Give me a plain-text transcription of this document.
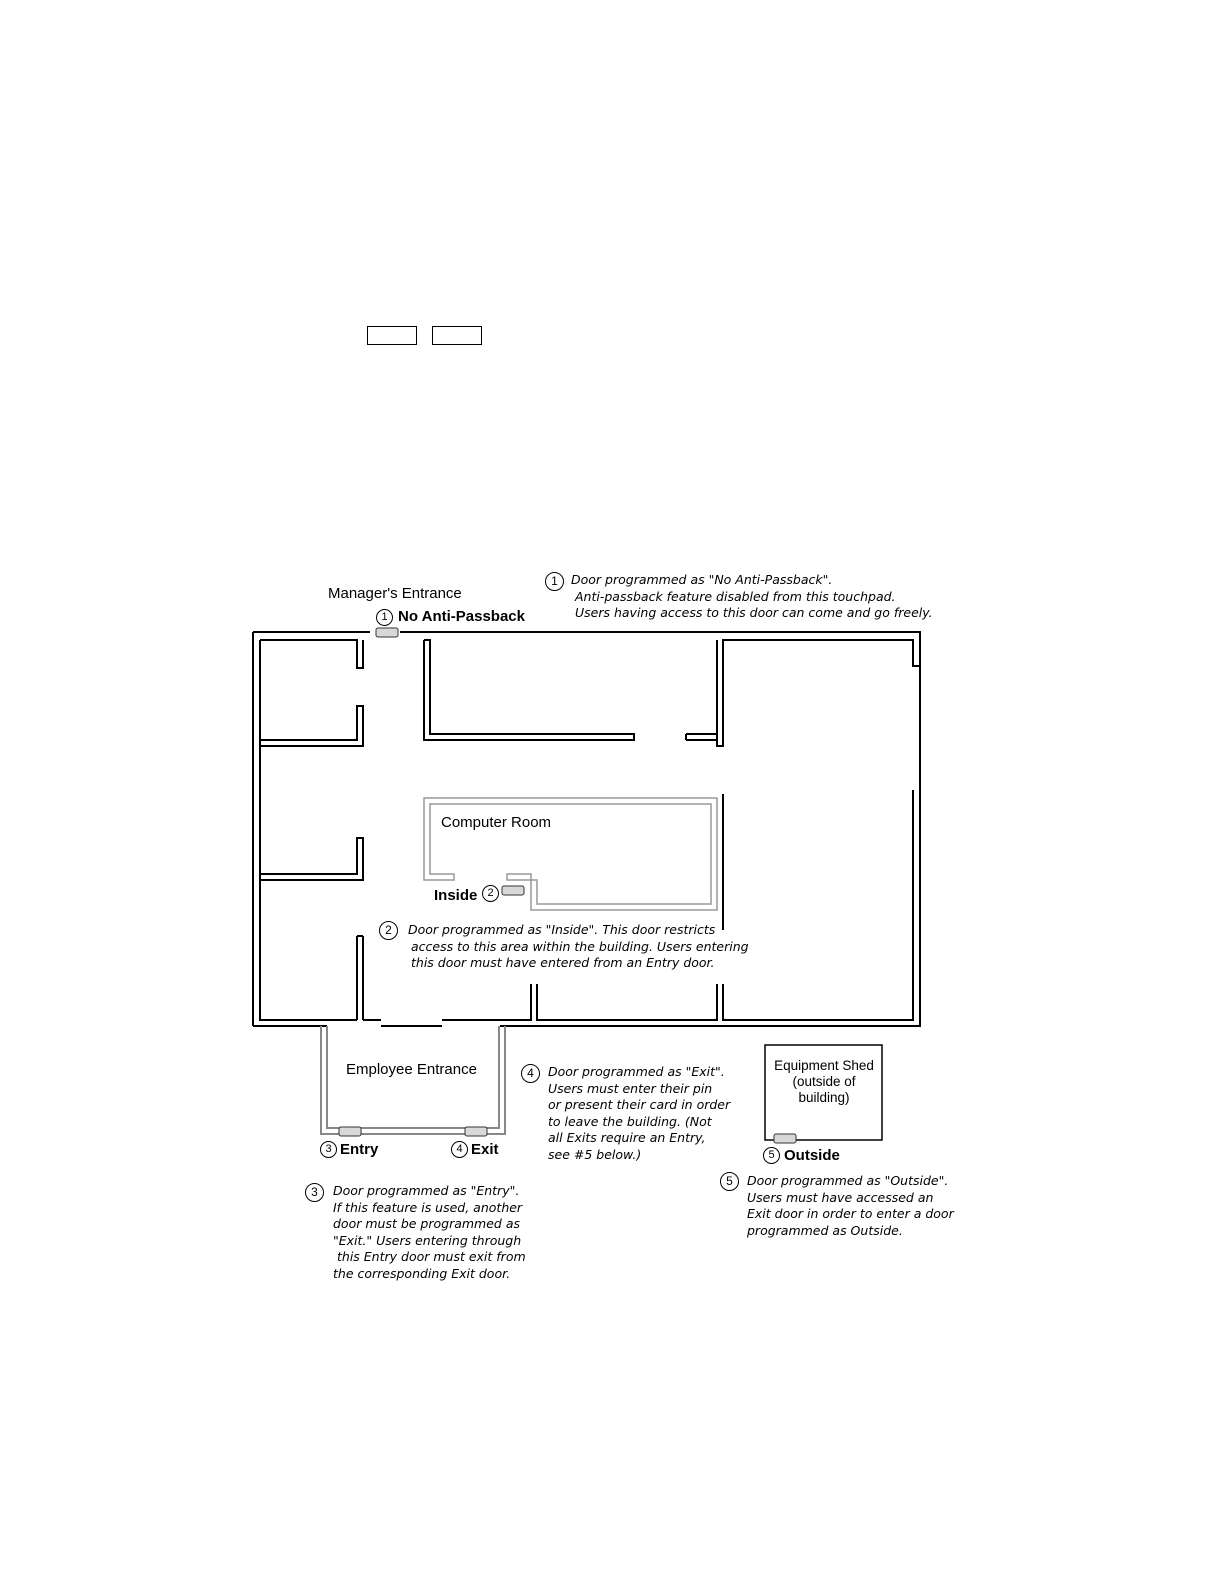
Manager's Entrance
Computer Room
Employee Entrance	Equipment Shed
(outside of
building)
1 No Anti-Passback
Inside 2
3 Entry	4 Exit	5 Outside
1	Door programmed as "No Anti-Passback".
Anti-passback feature disabled from this touchpad.
Users having access to this door can come and go freely.
2	Door programmed as "Inside". This door restricts
access to this area within the building. Users entering
this door must have entered from an Entry door.
3	Door programmed as "Entry".
If this feature is used, another
door must be programmed as
"Exit." Users entering through
this Entry door must exit from
the corresponding Exit door.
4	Door programmed as "Exit".
Users must enter their pin
or present their card in order
to leave the building. (Not
all Exits require an Entry,
see #5 below.)
5	Door programmed as "Outside".
Users must have accessed an
Exit door in order to enter a door
programmed as Outside.
